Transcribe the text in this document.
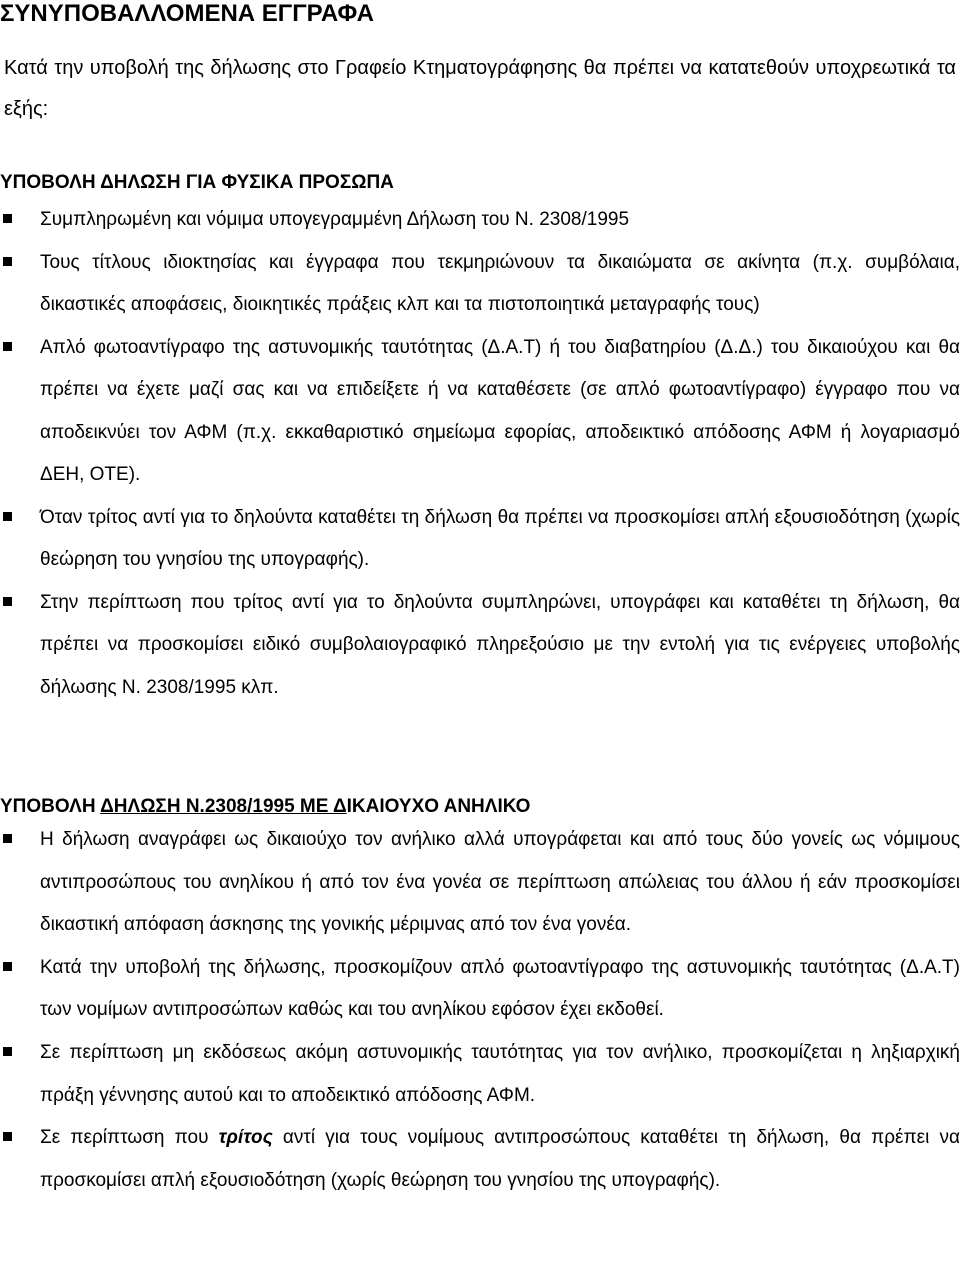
ΣΥΝΥΠΟΒΑΛΛΟΜΕΝΑ ΕΓΓΡΑΦΑ
Κατά την υποβολή της δήλωσης στο Γραφείο Κτηματογράφησης θα πρέπει να κατατεθούν υποχρεωτικά τα εξής:
ΥΠΟΒΟΛΗ ΔΗΛΩΣΗ ΓΙΑ ΦΥΣΙΚΑ ΠΡΟΣΩΠΑ
Συμπληρωμένη και νόμιμα υπογεγραμμένη Δήλωση του Ν. 2308/1995
Τους τίτλους ιδιοκτησίας και έγγραφα που τεκμηριώνουν τα δικαιώματα σε ακίνητα (π.χ. συμβόλαια, δικαστικές αποφάσεις, διοικητικές πράξεις κλπ και τα πιστοποιητικά μεταγραφής τους)
Απλό φωτοαντίγραφο της αστυνομικής ταυτότητας (Δ.Α.Τ) ή του διαβατηρίου (Δ.Δ.) του δικαιούχου και θα πρέπει να έχετε μαζί σας και να επιδείξετε ή να καταθέσετε (σε απλό φωτοαντίγραφο) έγγραφο που να αποδεικνύει τον ΑΦΜ (π.χ. εκκαθαριστικό σημείωμα εφορίας, αποδεικτικό απόδοσης ΑΦΜ ή λογαριασμό ΔΕΗ, ΟΤΕ).
Όταν τρίτος αντί για το δηλούντα καταθέτει τη δήλωση θα πρέπει να προσκομίσει απλή εξουσιοδότηση (χωρίς θεώρηση του γνησίου της υπογραφής).
Στην περίπτωση που τρίτος αντί για το δηλούντα συμπληρώνει, υπογράφει και καταθέτει τη δήλωση, θα πρέπει να προσκομίσει ειδικό συμβολαιογραφικό πληρεξούσιο με την εντολή για τις ενέργειες υποβολής δήλωσης Ν. 2308/1995 κλπ.
ΥΠΟΒΟΛΗ ΔΗΛΩΣΗ Ν.2308/1995 ΜΕ ΔΙΚΑΙΟΥΧΟ ΑΝΗΛΙΚΟ
Η δήλωση αναγράφει ως δικαιούχο τον ανήλικο αλλά υπογράφεται και από τους δύο γονείς ως νόμιμους αντιπροσώπους του ανηλίκου ή από τον ένα γονέα σε περίπτωση απώλειας του άλλου ή εάν προσκομίσει δικαστική απόφαση άσκησης της γονικής μέριμνας από τον ένα γονέα.
Κατά την υποβολή της δήλωσης, προσκομίζουν απλό φωτοαντίγραφο της αστυνομικής ταυτότητας (Δ.Α.Τ) των νομίμων αντιπροσώπων καθώς και του ανηλίκου εφόσον έχει εκδοθεί.
Σε περίπτωση μη εκδόσεως ακόμη αστυνομικής ταυτότητας για τον ανήλικο, προσκομίζεται η ληξιαρχική πράξη γέννησης αυτού και το αποδεικτικό απόδοσης ΑΦΜ.
Σε περίπτωση που τρίτος αντί για τους νομίμους αντιπροσώπους καταθέτει τη δήλωση, θα πρέπει να προσκομίσει απλή εξουσιοδότηση (χωρίς θεώρηση του γνησίου της υπογραφής).
